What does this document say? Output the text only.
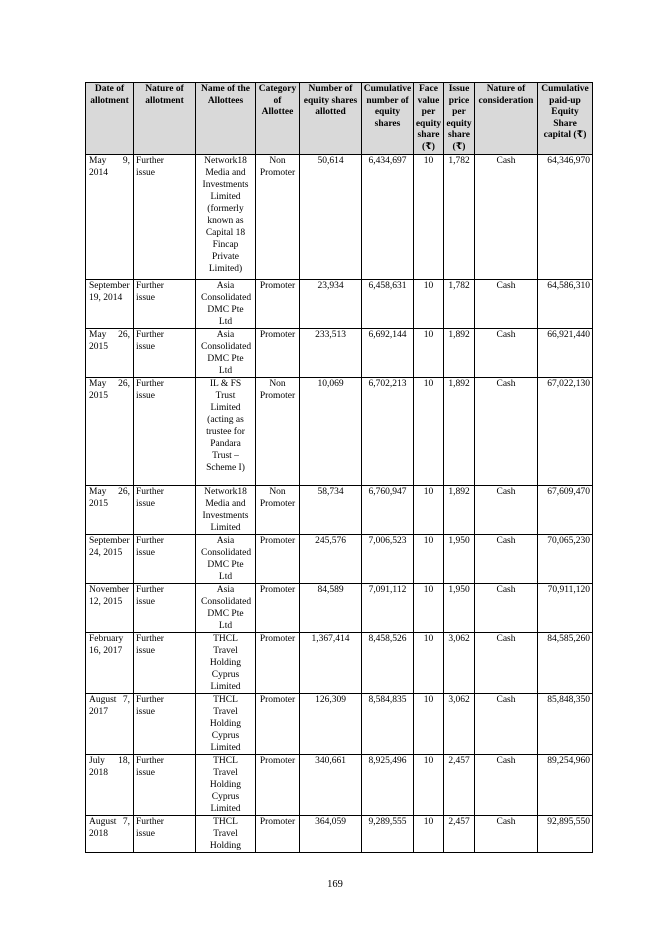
Date of allotment	Nature of allotment	Name of the Allottees	Category of Allottee	Number of equity shares allotted	Cumulative number of equity shares	Face value per equity share (₹)	Issue price per equity share (₹)	Nature of consideration	Cumulative paid-up Equity Share capital (₹)
May 9, 2014	Further issue	Network18 Media and Investments Limited (formerly known as Capital 18 Fincap Private Limited)	Non Promoter	50,614	6,434,697	10	1,782	Cash	64,346,970
September 19, 2014	Further issue	Asia Consolidated DMC Pte Ltd	Promoter	23,934	6,458,631	10	1,782	Cash	64,586,310
May 26, 2015	Further issue	Asia Consolidated DMC Pte Ltd	Promoter	233,513	6,692,144	10	1,892	Cash	66,921,440
May 26, 2015	Further issue	IL & FS Trust Limited (acting as trustee for Pandara Trust – Scheme I)	Non Promoter	10,069	6,702,213	10	1,892	Cash	67,022,130
May 26, 2015	Further issue	Network18 Media and Investments Limited	Non Promoter	58,734	6,760,947	10	1,892	Cash	67,609,470
September 24, 2015	Further issue	Asia Consolidated DMC Pte Ltd	Promoter	245,576	7,006,523	10	1,950	Cash	70,065,230
November 12, 2015	Further issue	Asia Consolidated DMC Pte Ltd	Promoter	84,589	7,091,112	10	1,950	Cash	70,911,120
February 16, 2017	Further issue	THCL Travel Holding Cyprus Limited	Promoter	1,367,414	8,458,526	10	3,062	Cash	84,585,260
August 7, 2017	Further issue	THCL Travel Holding Cyprus Limited	Promoter	126,309	8,584,835	10	3,062	Cash	85,848,350
July 18, 2018	Further issue	THCL Travel Holding Cyprus Limited	Promoter	340,661	8,925,496	10	2,457	Cash	89,254,960
August 7, 2018	Further issue	THCL Travel Holding	Promoter	364,059	9,289,555	10	2,457	Cash	92,895,550
169
